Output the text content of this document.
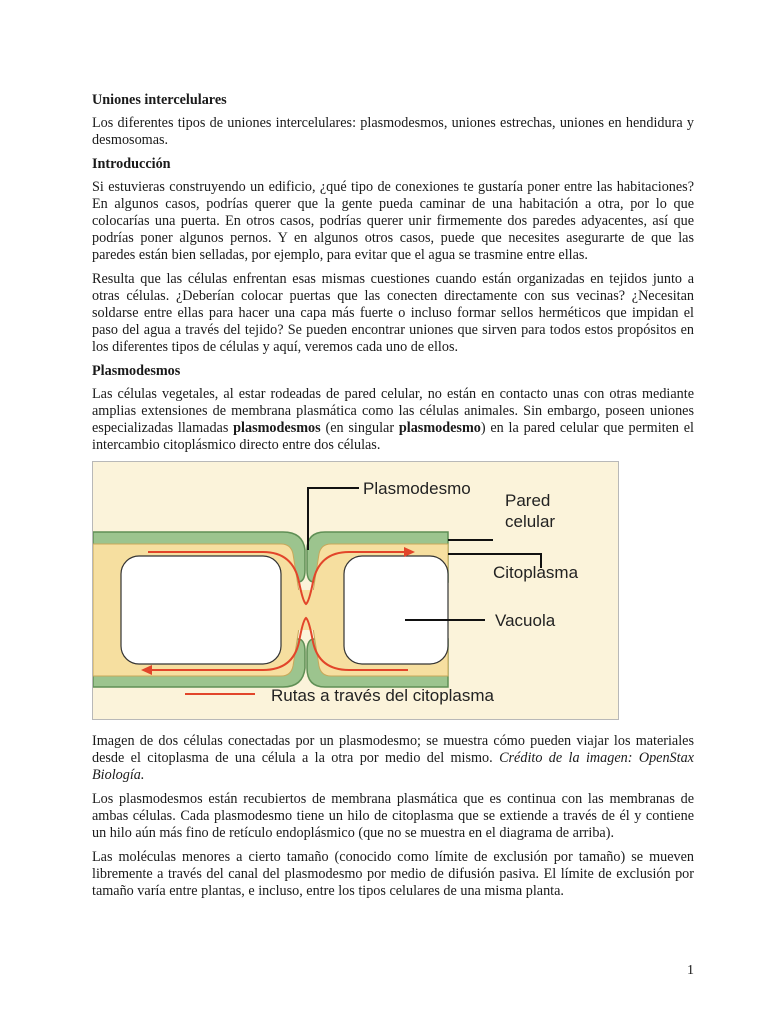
Uniones intercelulares

Los diferentes tipos de uniones intercelulares: plasmodesmos, uniones estrechas, uniones en hendidura y desmosomas.

Introducción

Si estuvieras construyendo un edificio, ¿qué tipo de conexiones te gustaría poner entre las habitaciones? En algunos casos, podrías querer que la gente pueda caminar de una habitación a otra, por lo que colocarías una puerta. En otros casos, podrías querer unir firmemente dos paredes adyacentes, así que podrías poner algunos pernos. Y en algunos otros casos, puede que necesites asegurarte de que las paredes están bien selladas, por ejemplo, para evitar que el agua se trasmine entre ellas.

Resulta que las células enfrentan esas mismas cuestiones cuando están organizadas en tejidos junto a otras células. ¿Deberían colocar puertas que las conecten directamente con sus vecinas? ¿Necesitan soldarse entre ellas para hacer una capa más fuerte o incluso formar sellos herméticos que impidan el paso del agua a través del tejido? Se pueden encontrar uniones que sirven para todos estos propósitos en los diferentes tipos de células y aquí, veremos cada uno de ellos.

Plasmodesmos

Las células vegetales, al estar rodeadas de pared celular, no están en contacto unas con otras mediante amplias extensiones de membrana plasmática como las células animales. Sin embargo, poseen uniones especializadas llamadas plasmodesmos (en singular plasmodesmo) en la pared celular que permiten el intercambio citoplásmico directo entre dos células.

Plasmodesmo
Pared
celular
Citoplasma
Vacuola
Rutas a través del citoplasma

Imagen de dos células conectadas por un plasmodesmo; se muestra cómo pueden viajar los materiales desde el citoplasma de una célula a la otra por medio del mismo. Crédito de la imagen: OpenStax Biología.

Los plasmodesmos están recubiertos de membrana plasmática que es continua con las membranas de ambas células. Cada plasmodesmo tiene un hilo de citoplasma que se extiende a través de él y contiene un hilo aún más fino de retículo endoplásmico (que no se muestra en el diagrama de arriba).

Las moléculas menores a cierto tamaño (conocido como límite de exclusión por tamaño) se mueven libremente a través del canal del plasmodesmo por medio de difusión pasiva. El límite de exclusión por tamaño varía entre plantas, e incluso, entre los tipos celulares de una misma planta.

1
